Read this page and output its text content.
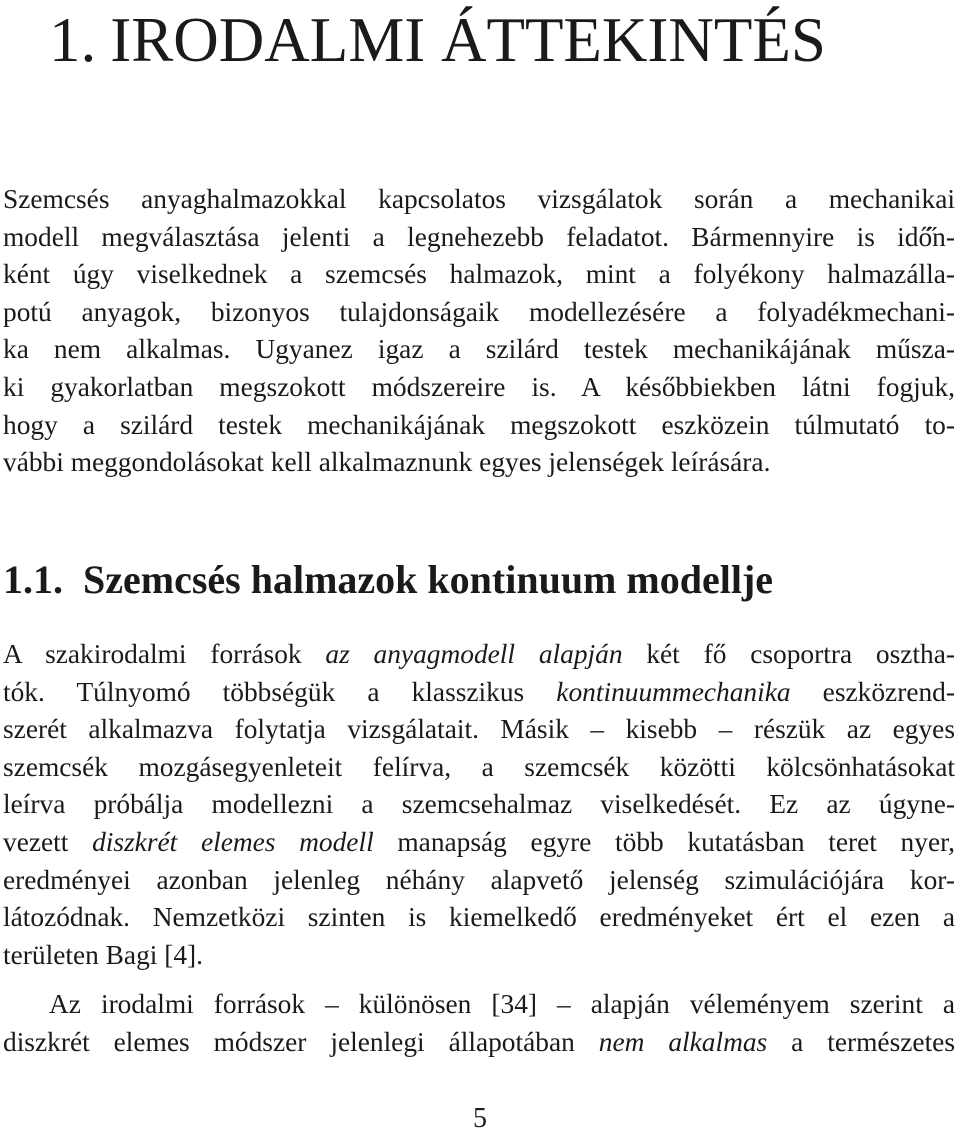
1. IRODALMI ÁTTEKINTÉS
Szemcsés anyaghalmazokkal kapcsolatos vizsgálatok során a mechanikai
modell megválasztása jelenti a legnehezebb feladatot. Bármennyire is idő̋n-
ként úgy viselkednek a szemcsés halmazok, mint a folyékony halmazálla-
potú anyagok, bizonyos tulajdonságaik modellezésére a folyadékmechani-
ka nem alkalmas. Ugyanez igaz a szilárd testek mechanikájának műsza-
ki gyakorlatban megszokott módszereire is. A későbbiekben látni fogjuk,
hogy a szilárd testek mechanikájának megszokott eszközein túlmutató to-
vábbi meggondolásokat kell alkalmaznunk egyes jelenségek leírására.
1.1. Szemcsés halmazok kontinuum modellje
A szakirodalmi források az anyagmodell alapján két fő csoportra osztha-
tók. Túlnyomó többségük a klasszikus kontinuummechanika eszközrend-
szerét alkalmazva folytatja vizsgálatait. Másik – kisebb – részük az egyes
szemcsék mozgásegyenleteit felírva, a szemcsék közötti kölcsönhatásokat
leírva próbálja modellezni a szemcsehalmaz viselkedését. Ez az úgyne-
vezett diszkrét elemes modell manapság egyre több kutatásban teret nyer,
eredményei azonban jelenleg néhány alapvető jelenség szimulációjára kor-
látozódnak. Nemzetközi szinten is kiemelkedő eredményeket ért el ezen a
területen Bagi [4].
Az irodalmi források – különösen [34] – alapján véleményem szerint a
diszkrét elemes módszer jelenlegi állapotában nem alkalmas a természetes
5
